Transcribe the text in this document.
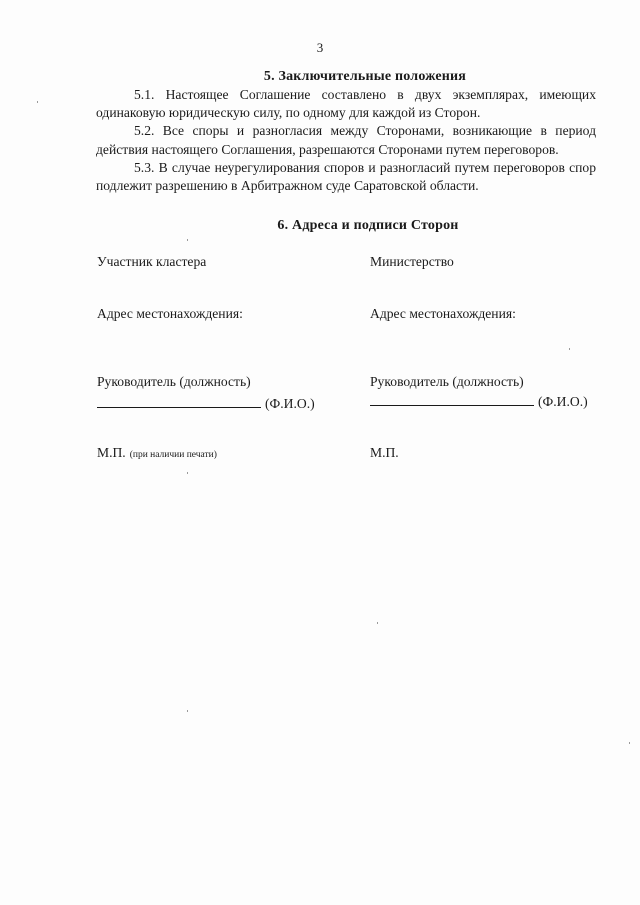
3
5. Заключительные положения

5.1. Настоящее Соглашение составлено в двух экземплярах, имеющих одинаковую юридическую силу, по одному для каждой из Сторон.

5.2. Все споры и разногласия между Сторонами, возникающие в период действия настоящего Соглашения, разрешаются Сторонами путем переговоров.

5.3. В случае неурегулирования споров и разногласий путем переговоров спор подлежит разрешению в Арбитражном суде Саратовской области.

6. Адреса и подписи Сторон
Участник кластера
Адрес местонахождения:
Руководитель (должность)
(Ф.И.О.)
М.П. (при наличии печати)
Министерство
Адрес местонахождения:
Руководитель (должность)
(Ф.И.О.)
М.П.
